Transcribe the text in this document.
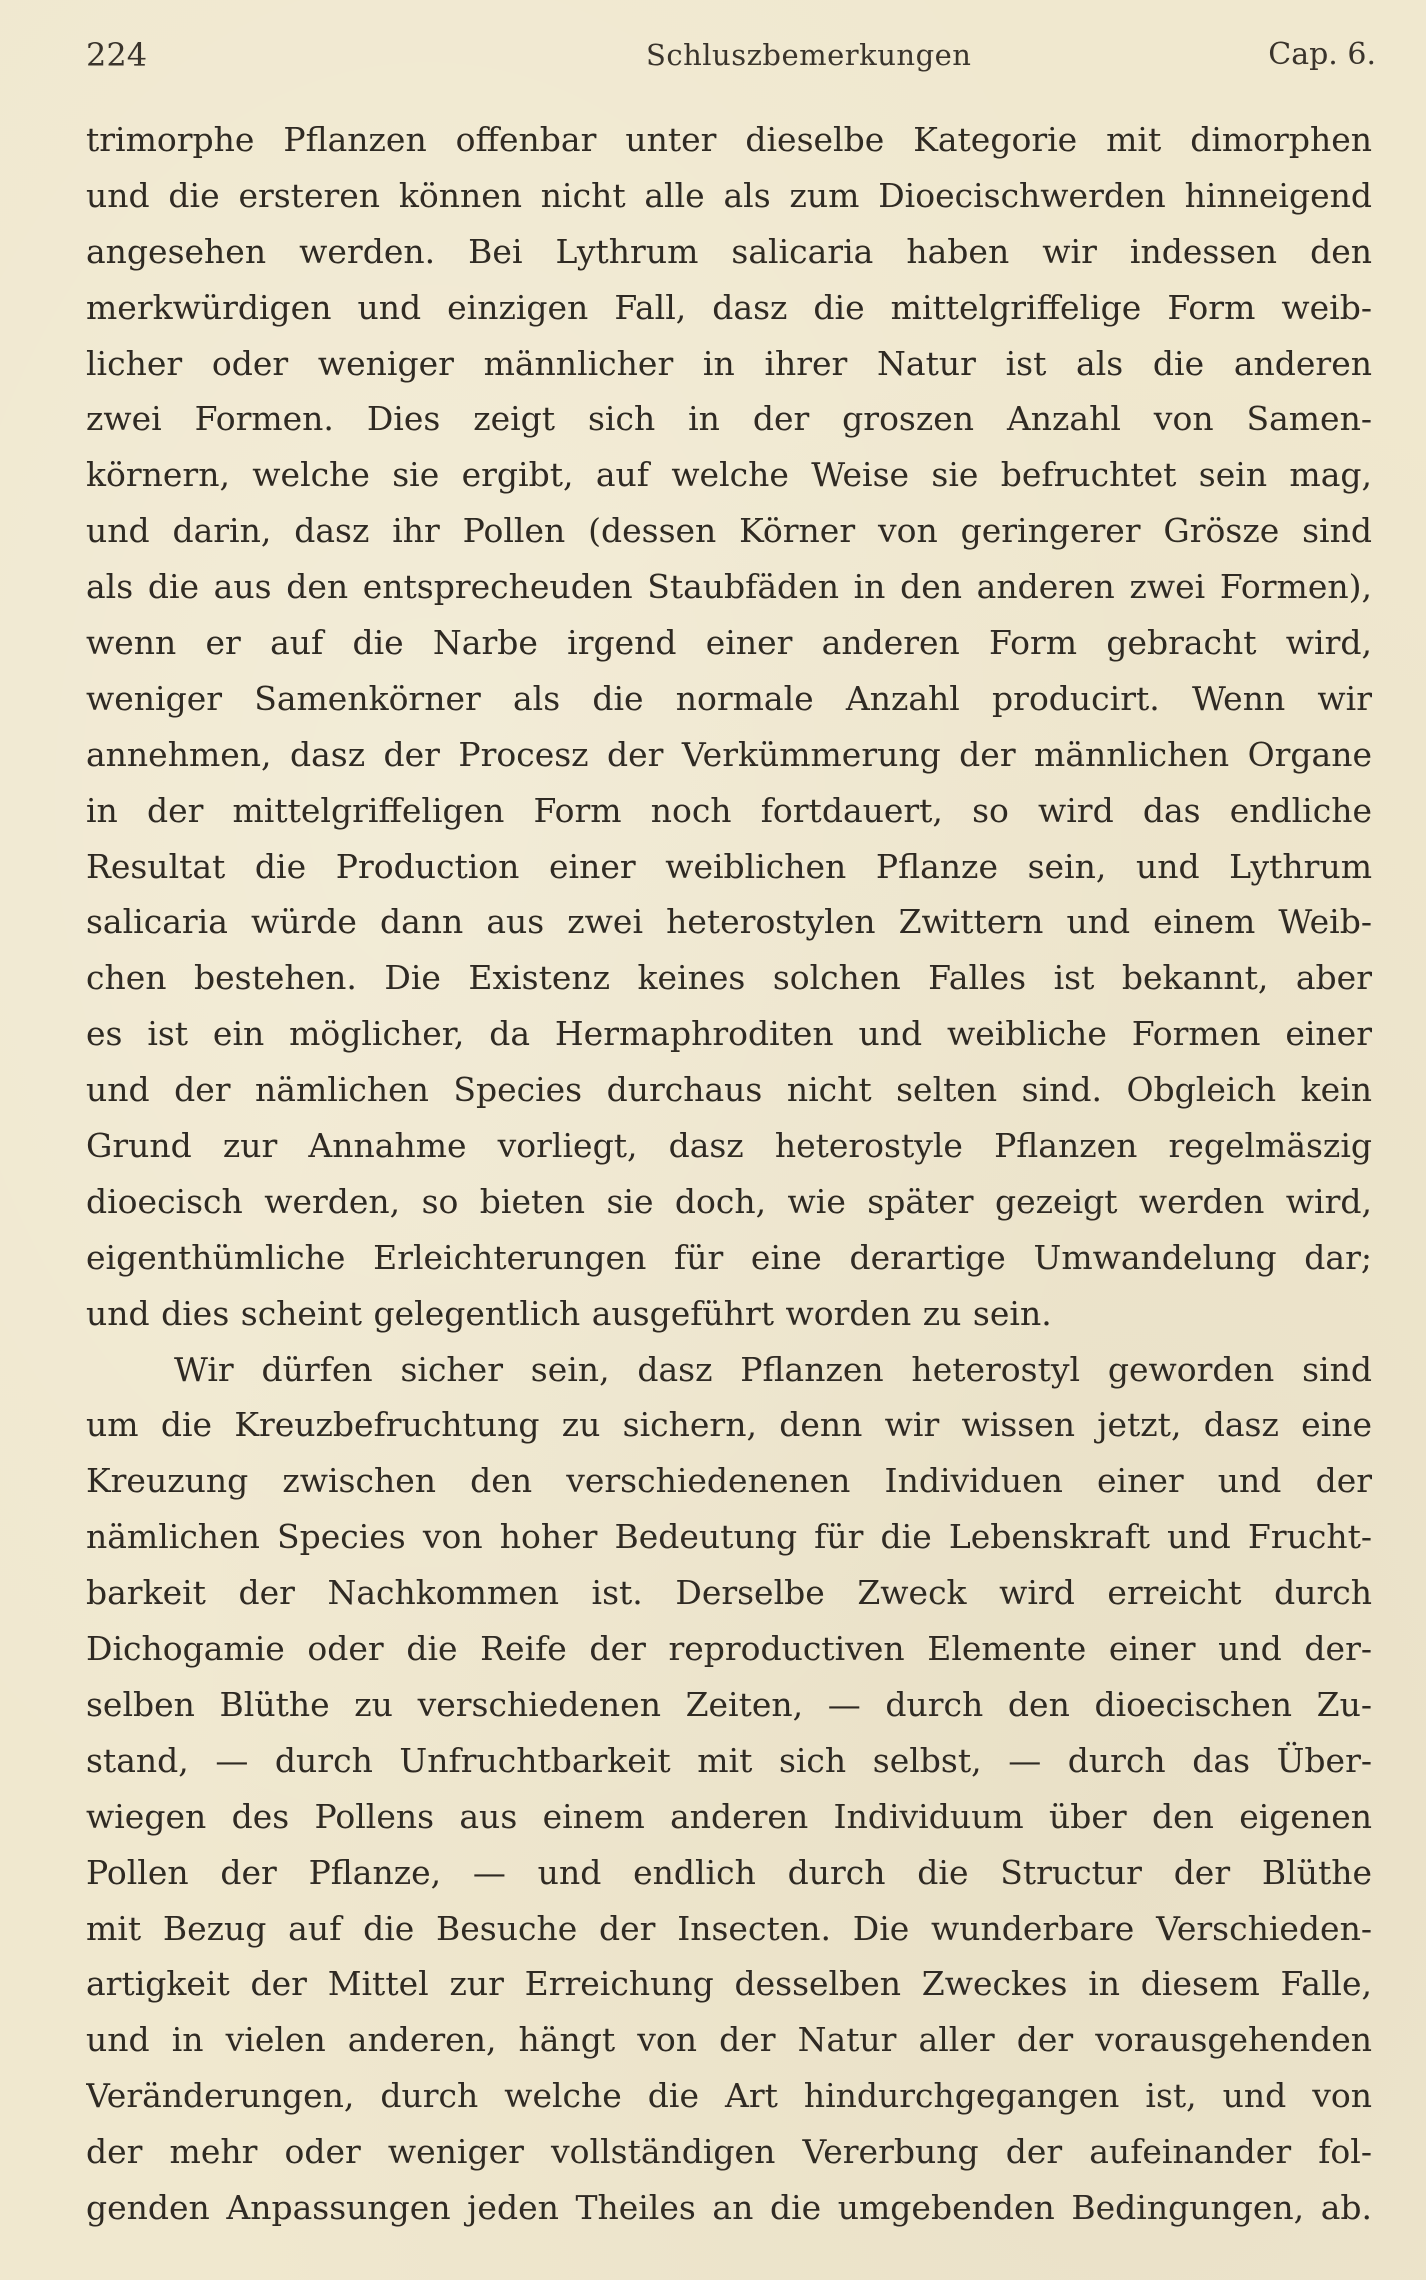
224	Schluszbemerkungen	Cap. 6.
trimorphe Pflanzen offenbar unter dieselbe Kategorie mit dimorphen
und die ersteren können nicht alle als zum Dioecischwerden hinneigend
angesehen werden. Bei Lythrum salicaria haben wir indessen den
merkwürdigen und einzigen Fall, dasz die mittelgriffelige Form weib-
licher oder weniger männlicher in ihrer Natur ist als die anderen
zwei Formen. Dies zeigt sich in der groszen Anzahl von Samen-
körnern, welche sie ergibt, auf welche Weise sie befruchtet sein mag,
und darin, dasz ihr Pollen (dessen Körner von geringerer Grösze sind
als die aus den entsprecheuden Staubfäden in den anderen zwei Formen),
wenn er auf die Narbe irgend einer anderen Form gebracht wird,
weniger Samenkörner als die normale Anzahl producirt. Wenn wir
annehmen, dasz der Procesz der Verkümmerung der männlichen Organe
in der mittelgriffeligen Form noch fortdauert, so wird das endliche
Resultat die Production einer weiblichen Pflanze sein, und Lythrum
salicaria würde dann aus zwei heterostylen Zwittern und einem Weib-
chen bestehen. Die Existenz keines solchen Falles ist bekannt, aber
es ist ein möglicher, da Hermaphroditen und weibliche Formen einer
und der nämlichen Species durchaus nicht selten sind. Obgleich kein
Grund zur Annahme vorliegt, dasz heterostyle Pflanzen regelmäszig
dioecisch werden, so bieten sie doch, wie später gezeigt werden wird,
eigenthümliche Erleichterungen für eine derartige Umwandelung dar;
und dies scheint gelegentlich ausgeführt worden zu sein.
Wir dürfen sicher sein, dasz Pflanzen heterostyl geworden sind
um die Kreuzbefruchtung zu sichern, denn wir wissen jetzt, dasz eine
Kreuzung zwischen den verschiedenenen Individuen einer und der
nämlichen Species von hoher Bedeutung für die Lebenskraft und Frucht-
barkeit der Nachkommen ist. Derselbe Zweck wird erreicht durch
Dichogamie oder die Reife der reproductiven Elemente einer und der-
selben Blüthe zu verschiedenen Zeiten, — durch den dioecischen Zu-
stand, — durch Unfruchtbarkeit mit sich selbst, — durch das Über-
wiegen des Pollens aus einem anderen Individuum über den eigenen
Pollen der Pflanze, — und endlich durch die Structur der Blüthe
mit Bezug auf die Besuche der Insecten. Die wunderbare Verschieden-
artigkeit der Mittel zur Erreichung desselben Zweckes in diesem Falle,
und in vielen anderen, hängt von der Natur aller der vorausgehenden
Veränderungen, durch welche die Art hindurchgegangen ist, und von
der mehr oder weniger vollständigen Vererbung der aufeinander fol-
genden Anpassungen jeden Theiles an die umgebenden Bedingungen, ab.
